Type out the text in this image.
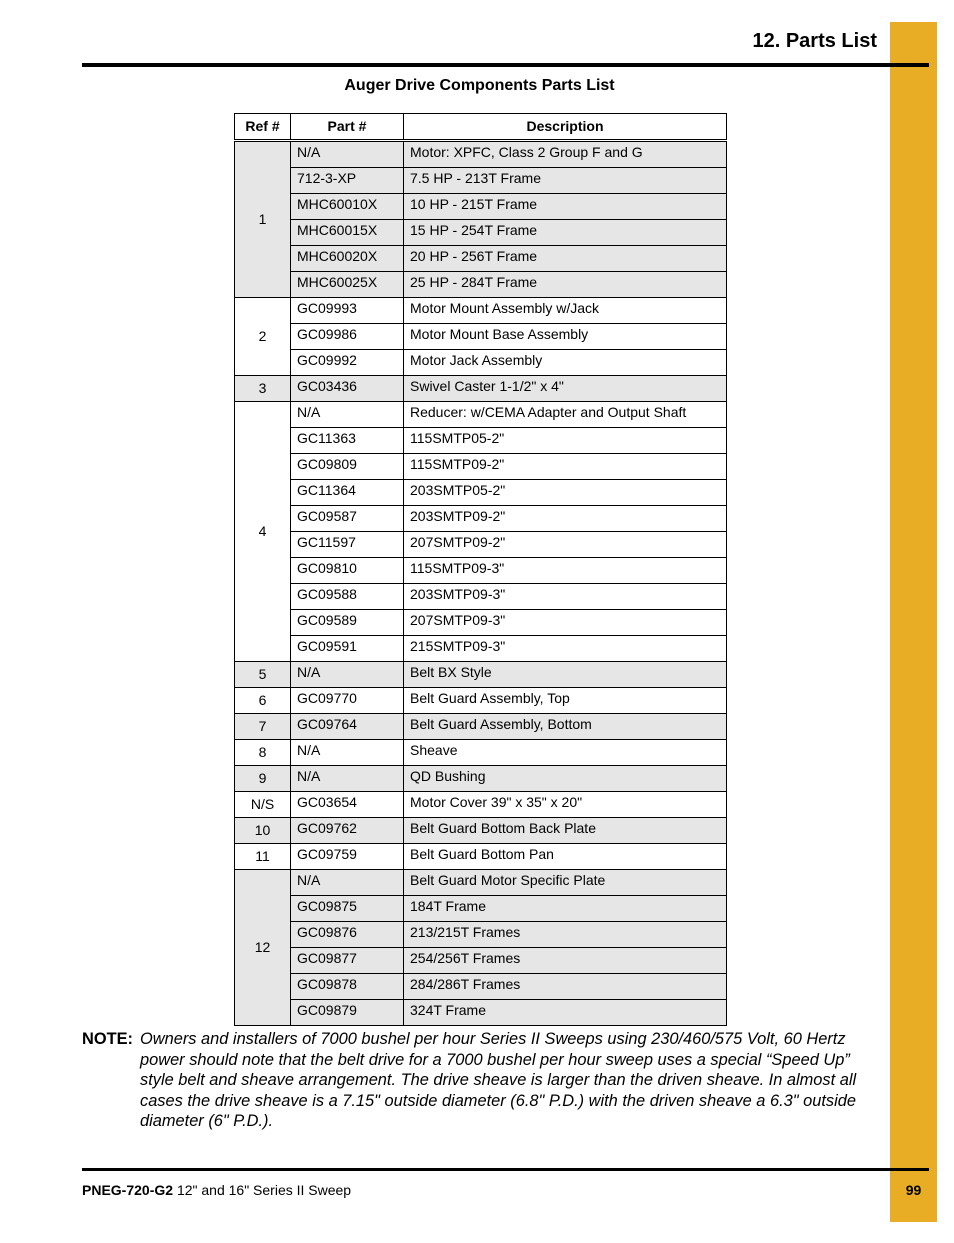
99
12. Parts List
Auger Drive Components Parts List
Ref #	Part #	Description
1	N/A	Motor: XPFC, Class 2 Group F and G
	712-3-XP	7.5 HP - 213T Frame
	MHC60010X	10 HP - 215T Frame
	MHC60015X	15 HP - 254T Frame
	MHC60020X	20 HP - 256T Frame
	MHC60025X	25 HP - 284T Frame
2	GC09993	Motor Mount Assembly w/Jack
	GC09986	Motor Mount Base Assembly
	GC09992	Motor Jack Assembly
3	GC03436	Swivel Caster 1-1/2" x 4"
4	N/A	Reducer: w/CEMA Adapter and Output Shaft
	GC11363	115SMTP05-2"
	GC09809	115SMTP09-2"
	GC11364	203SMTP05-2"
	GC09587	203SMTP09-2"
	GC11597	207SMTP09-2"
	GC09810	115SMTP09-3"
	GC09588	203SMTP09-3"
	GC09589	207SMTP09-3"
	GC09591	215SMTP09-3"
5	N/A	Belt BX Style
6	GC09770	Belt Guard Assembly, Top
7	GC09764	Belt Guard Assembly, Bottom
8	N/A	Sheave
9	N/A	QD Bushing
N/S	GC03654	Motor Cover 39" x 35" x 20"
10	GC09762	Belt Guard Bottom Back Plate
11	GC09759	Belt Guard Bottom Pan
12	N/A	Belt Guard Motor Specific Plate
	GC09875	184T Frame
	GC09876	213/215T Frames
	GC09877	254/256T Frames
	GC09878	284/286T Frames
	GC09879	324T Frame
NOTE: Owners and installers of 7000 bushel per hour Series II Sweeps using 230/460/575 Volt, 60 Hertz power should note that the belt drive for a 7000 bushel per hour sweep uses a special “Speed Up” style belt and sheave arrangement. The drive sheave is larger than the driven sheave. In almost all cases the drive sheave is a 7.15" outside diameter (6.8" P.D.) with the driven sheave a 6.3" outside diameter (6" P.D.).
PNEG-720-G2 12" and 16" Series II Sweep
